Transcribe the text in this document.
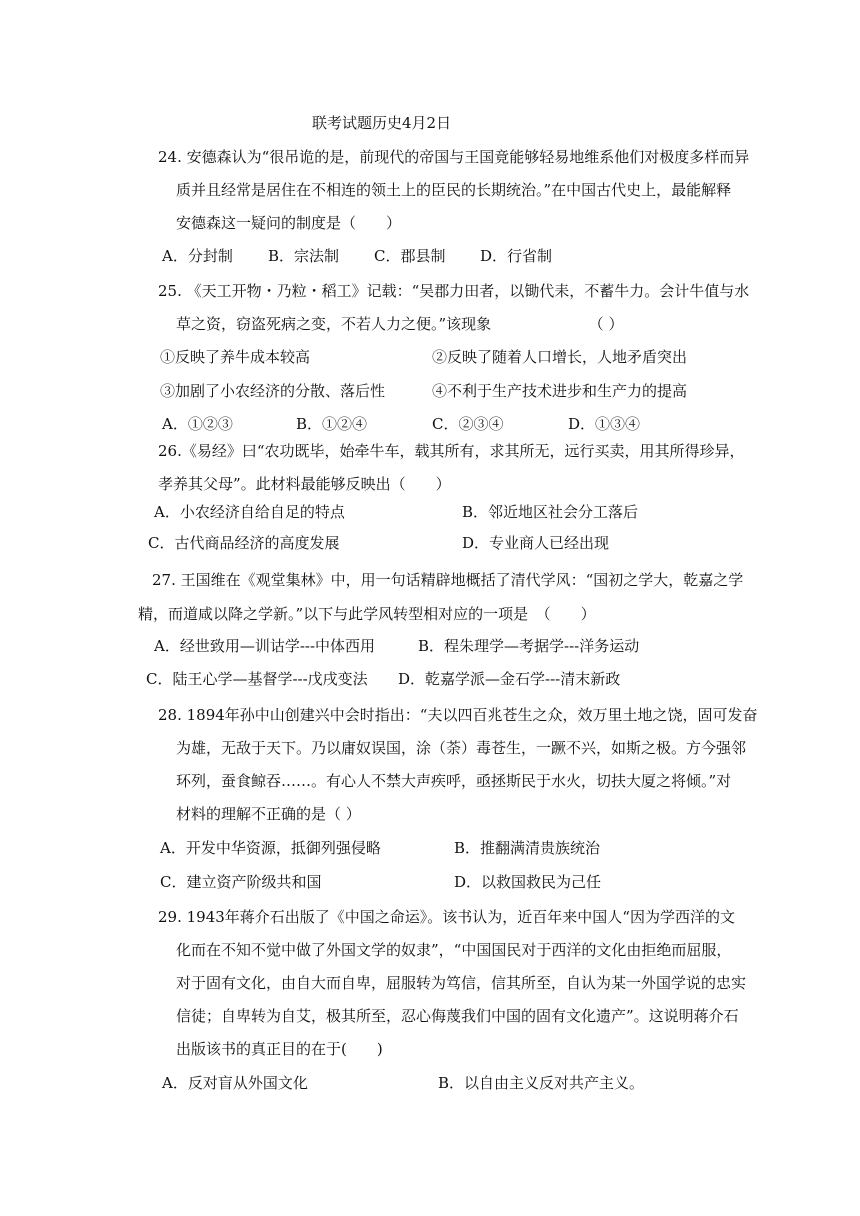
联考试题历史4月2日
24. 安德森认为“很吊诡的是，前现代的帝国与王国竟能够轻易地维系他们对极度多样而异
质并且经常是居住在不相连的领土上的臣民的长期统治。”在中国古代史上，最能解释
安德森这一疑问的制度是（　　）
A．分封制 B．宗法制 C．郡县制 D．行省制
25. 《天工开物・乃粒・稻工》记载：“吴郡力田者，以锄代耒，不蓄牛力。会计牛值与水
草之资，窃盗死病之变，不若人力之便。”该现象　　　　　　　（ ）
①反映了养牛成本较高	②反映了随着人口增长，人地矛盾突出
③加剧了小农经济的分散、落后性	④不利于生产技术进步和生产力的提高
A．①②③	B．①②④	C．②③④	D．①③④
26.《易经》曰“农功既毕，始牵牛车，载其所有，求其所无，远行买卖，用其所得珍异，
孝养其父母”。此材料最能够反映出（　　）
A．小农经济自给自足的特点	B．邻近地区社会分工落后
C．古代商品经济的高度发展	D．专业商人已经出现
27. 王国维在《观堂集林》中，用一句话精辟地概括了清代学风：“国初之学大，乾嘉之学
精，而道咸以降之学新。”以下与此学风转型相对应的一项是　（　　）
A．经世致用—训诂学---中体西用	B．程朱理学—考据学---洋务运动
C．陆王心学—基督学---戊戌变法 D．乾嘉学派—金石学---清末新政
28. 1894年孙中山创建兴中会时指出：“夫以四百兆苍生之众，效万里土地之饶，固可发奋
为雄，无敌于天下。乃以庸奴误国，涂（荼）毒苍生，一蹶不兴，如斯之极。方今强邻
环列，蚕食鲸吞……。有心人不禁大声疾呼，亟拯斯民于水火，切扶大厦之将倾。”对
材料的理解不正确的是（ ）
A．开发中华资源，抵御列强侵略	B．推翻满清贵族统治
C．建立资产阶级共和国	D．以救国救民为己任
29. 1943年蒋介石出版了《中国之命运》。该书认为，近百年来中国人“因为学西洋的文
化而在不知不觉中做了外国文学的奴隶”，“中国国民对于西洋的文化由拒绝而屈服，
对于固有文化，由自大而自卑，屈服转为笃信，信其所至，自认为某一外国学说的忠实
信徒；自卑转为自艾，极其所至，忍心侮蔑我们中国的固有文化遗产”。这说明蒋介石
出版该书的真正目的在于(　　)
A．反对盲从外国文化	B．以自由主义反对共产主义。
